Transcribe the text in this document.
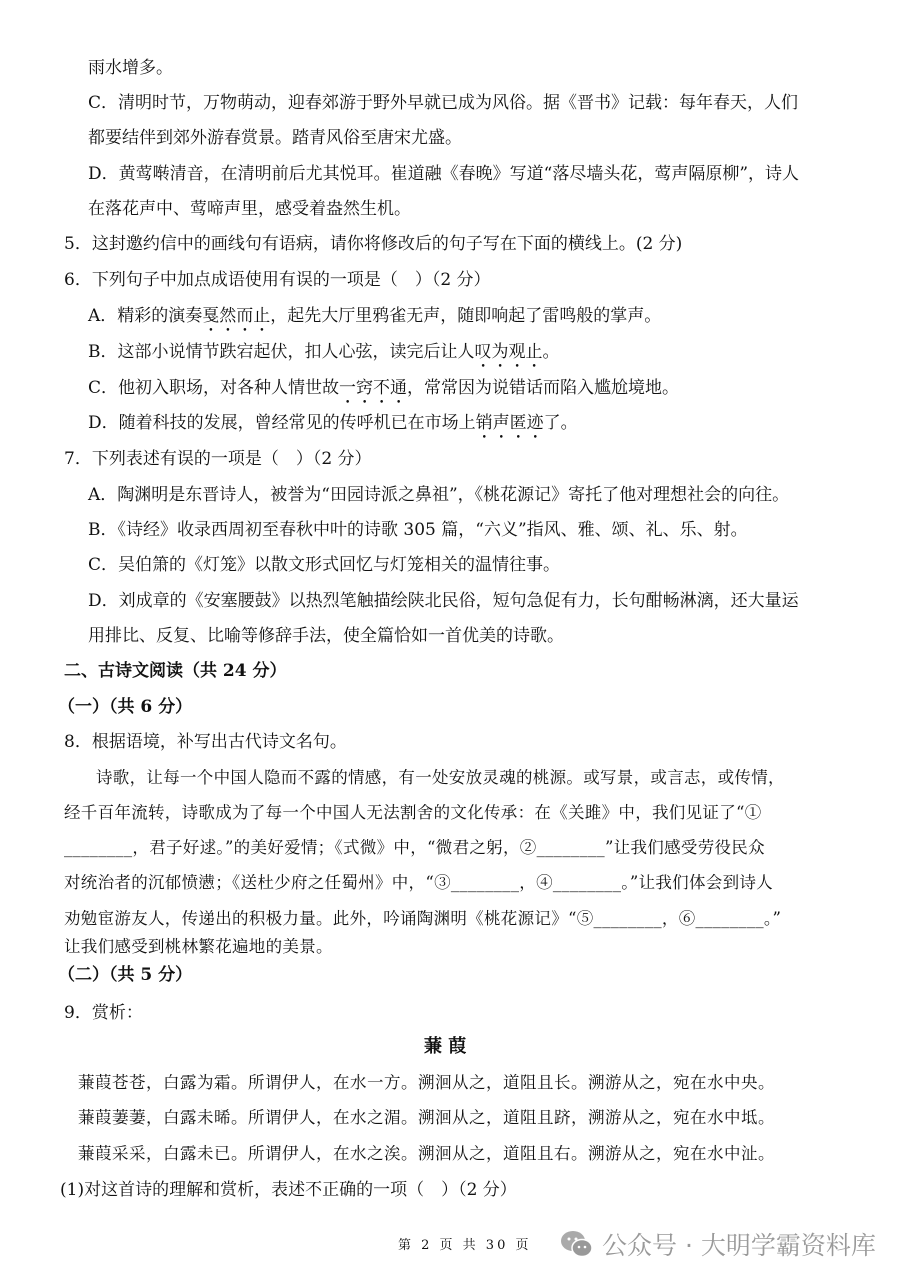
雨水增多。
C．清明时节，万物萌动，迎春郊游于野外早就已成为风俗。据《晋书》记载：每年春天，人们
都要结伴到郊外游春赏景。踏青风俗至唐宋尤盛。
D．黄莺啭清音，在清明前后尤其悦耳。崔道融《春晚》写道“落尽墙头花，莺声隔原柳”，诗人
在落花声中、莺啼声里，感受着盎然生机。
5．这封邀约信中的画线句有语病，请你将修改后的句子写在下面的横线上。(2 分)
6．下列句子中加点成语使用有误的一项是（　）（2 分）
A．精彩的演奏戛然而止，起先大厅里鸦雀无声，随即响起了雷鸣般的掌声。
B．这部小说情节跌宕起伏，扣人心弦，读完后让人叹为观止。
C．他初入职场，对各种人情世故一窍不通，常常因为说错话而陷入尴尬境地。
D．随着科技的发展，曾经常见的传呼机已在市场上销声匿迹了。
7．下列表述有误的一项是（　）（2 分）
A．陶渊明是东晋诗人，被誉为“田园诗派之鼻祖”，《桃花源记》寄托了他对理想社会的向往。
B．《诗经》收录西周初至春秋中叶的诗歌 305 篇，“六义”指风、雅、颂、礼、乐、射。
C．吴伯箫的《灯笼》以散文形式回忆与灯笼相关的温情往事。
D．刘成章的《安塞腰鼓》以热烈笔触描绘陕北民俗，短句急促有力，长句酣畅淋漓，还大量运
用排比、反复、比喻等修辞手法，使全篇恰如一首优美的诗歌。
二、古诗文阅读（共 24 分）
（一）（共 6 分）
8．根据语境，补写出古代诗文名句。
诗歌，让每一个中国人隐而不露的情感，有一处安放灵魂的桃源。或写景，或言志，或传情，
经千百年流转，诗歌成为了每一个中国人无法割舍的文化传承：在《关雎》中，我们见证了“①
________，君子好逑。”的美好爱情；《式微》中，“微君之躬，②________”让我们感受劳役民众
对统治者的沉郁愤懑；《送杜少府之任蜀州》中，“③________，④________。”让我们体会到诗人
劝勉宦游友人，传递出的积极力量。此外，吟诵陶渊明《桃花源记》“⑤________，⑥________。”
让我们感受到桃林繁花遍地的美景。
（二）（共 5 分）
9．赏析：
蒹 葭
蒹葭苍苍，白露为霜。所谓伊人，在水一方。溯洄从之，道阻且长。溯游从之，宛在水中央。
蒹葭萋萋，白露未晞。所谓伊人，在水之湄。溯洄从之，道阻且跻，溯游从之，宛在水中坻。
蒹葭采采，白露未已。所谓伊人，在水之涘。溯洄从之，道阻且右。溯游从之，宛在水中沚。
(1)对这首诗的理解和赏析，表述不正确的一项（　）（2 分）
第 2 页 共 30 页	公众号 · 大明学霸资料库
